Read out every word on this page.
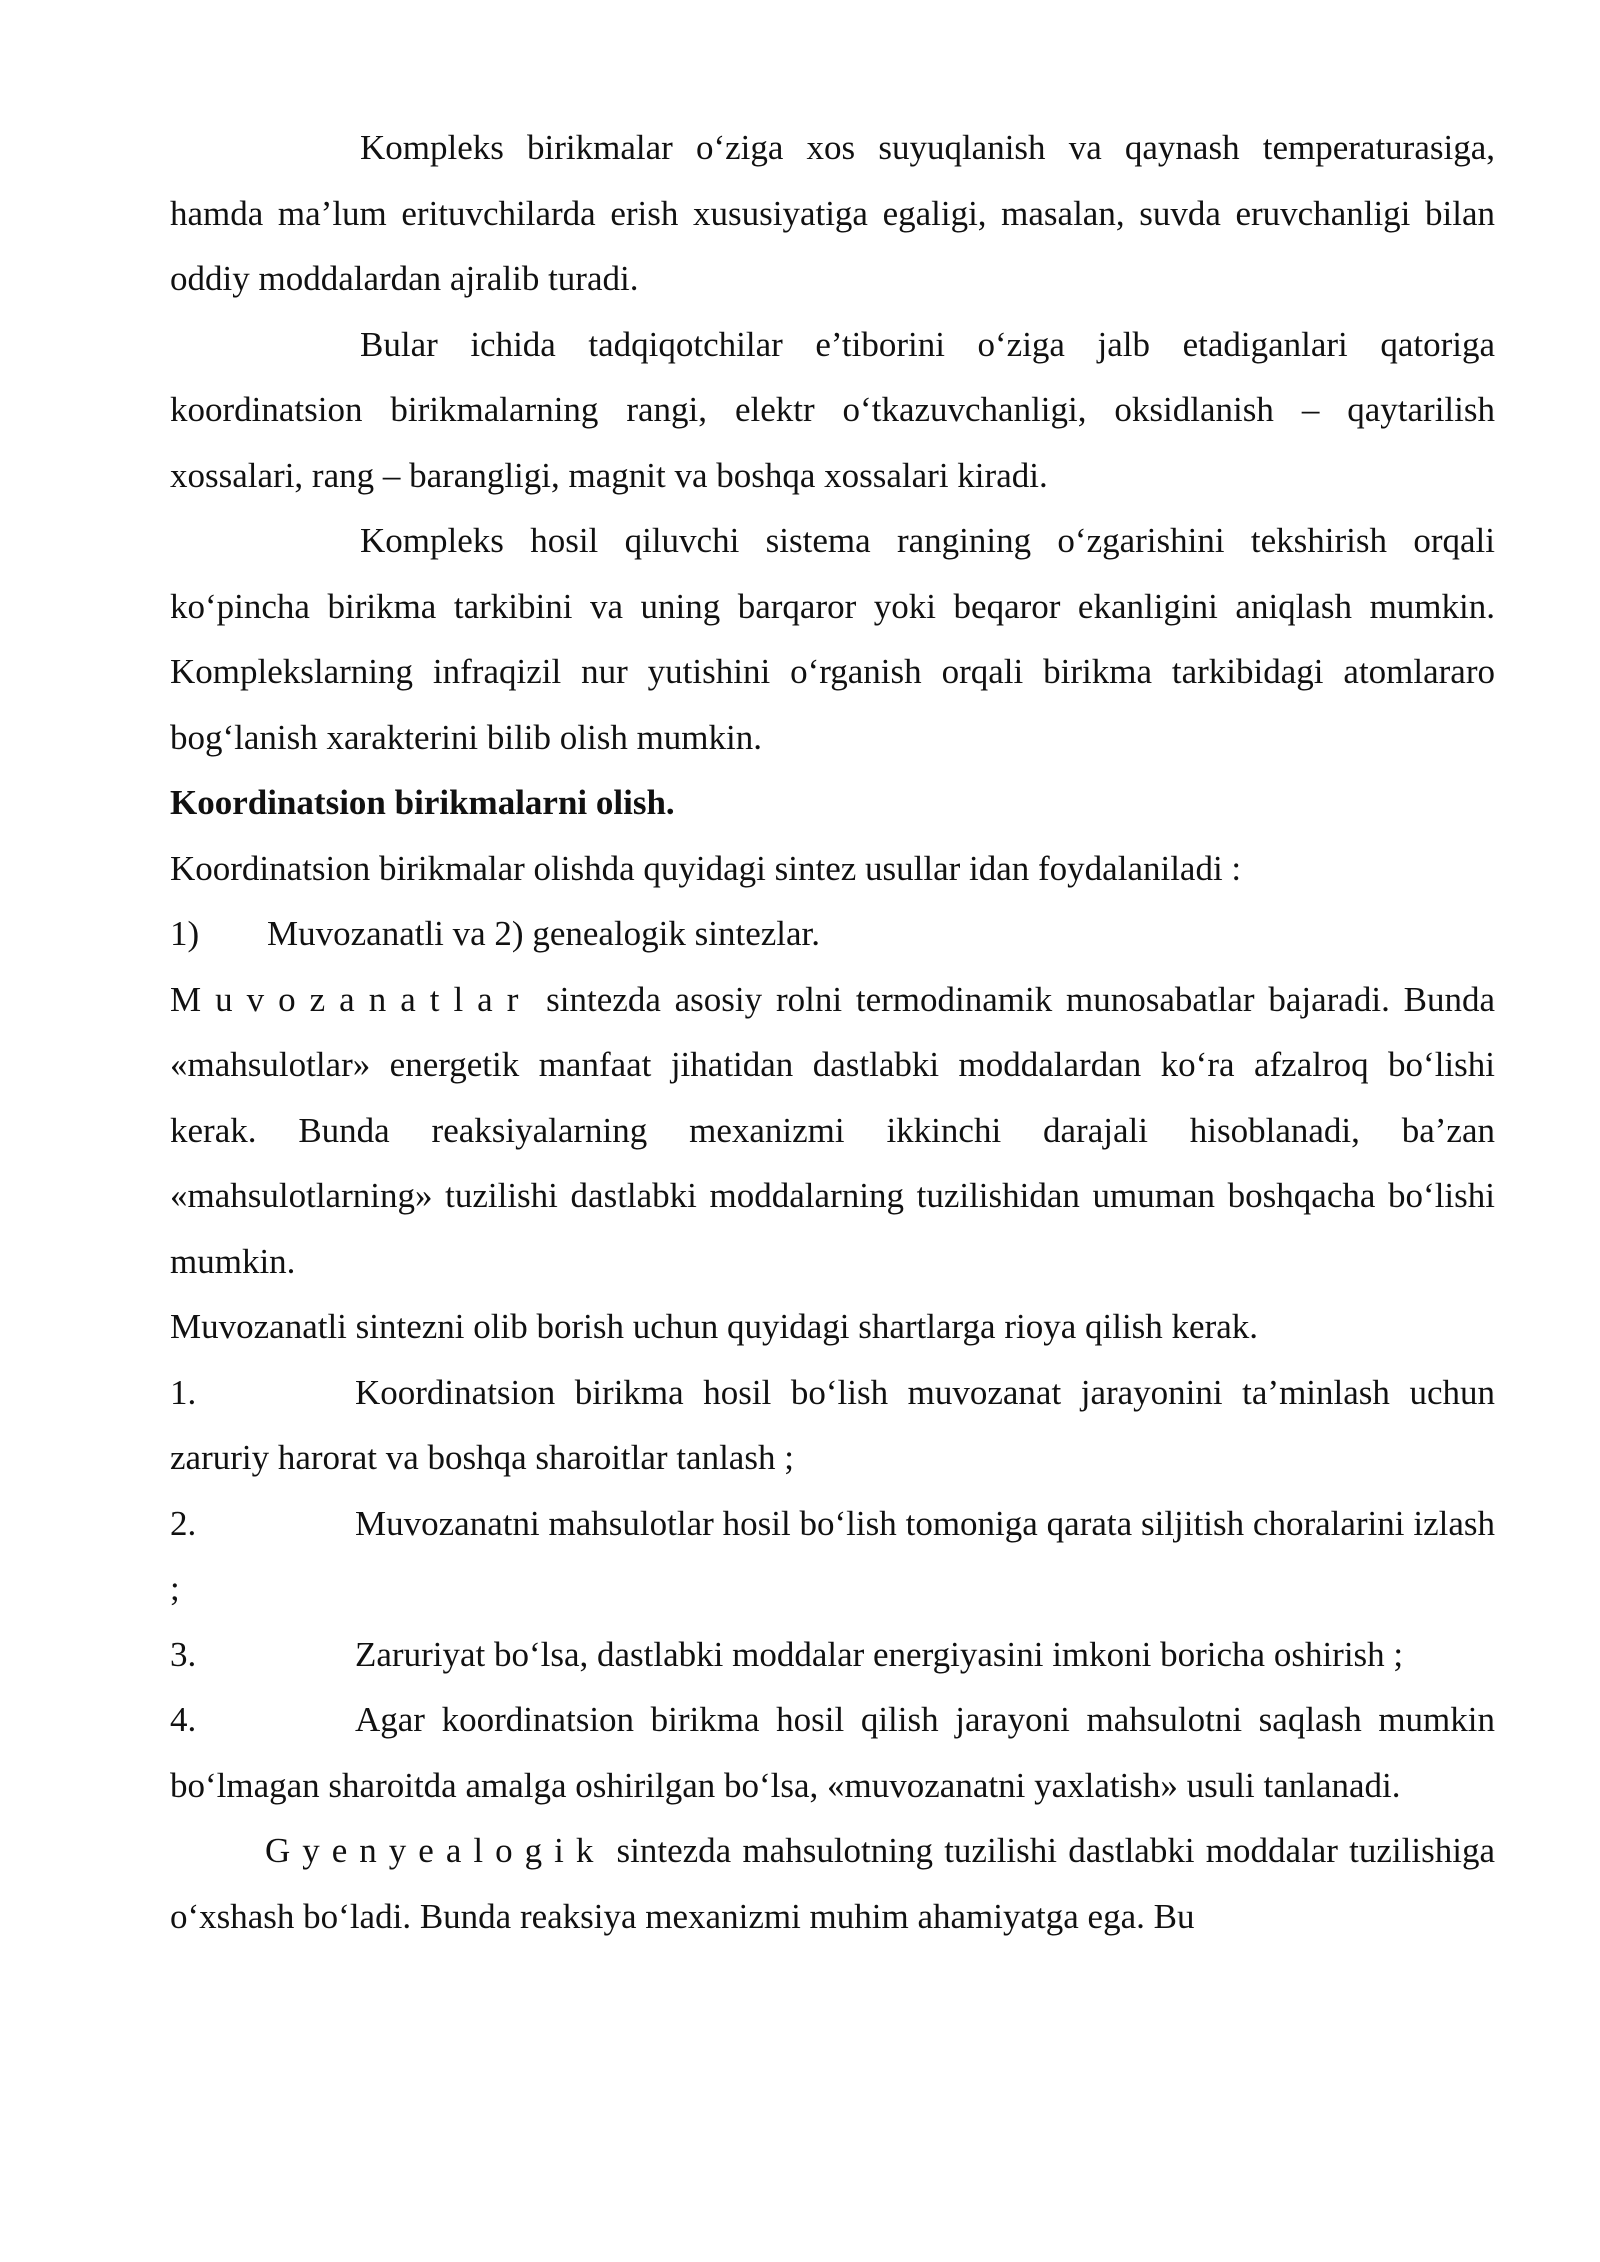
Kompleks birikmalar o‘ziga xos suyuqlanish va qaynash temperaturasiga, hamda ma’lum erituvchilarda erish xususiyatiga egaligi, masalan, suvda eruvchanligi bilan oddiy moddalardan ajralib turadi.

Bular ichida tadqiqotchilar e’tiborini o‘ziga jalb etadiganlari qatoriga koordinatsion birikmalarning rangi, elektr o‘tkazuvchanligi, oksidlanish – qaytarilish xossalari, rang – barangligi, magnit va boshqa xossalari kiradi.

Kompleks hosil qiluvchi sistema rangining o‘zgarishini tekshirish orqali ko‘pincha birikma tarkibini va uning barqaror yoki beqaror ekanligini aniqlash mumkin. Komplekslarning infraqizil nur yutishini o‘rganish orqali birikma tarkibidagi atomlararo bog‘lanish xarakterini bilib olish mumkin.

Koordinatsion birikmalarni olish.

Koordinatsion birikmalar olishda quyidagi sintez usullar idan foydalaniladi :

1) Muvozanatli va 2) genealogik sintezlar.

Muvozanatlar sintezda asosiy rolni termodinamik munosabatlar bajaradi. Bunda «mahsulotlar» energetik manfaat jihatidan dastlabki moddalardan ko‘ra afzalroq bo‘lishi kerak. Bunda reaksiyalarning mexanizmi ikkinchi darajali hisoblanadi, ba’zan «mahsulotlarning» tuzilishi dastlabki moddalarning tuzilishidan umuman boshqacha bo‘lishi mumkin.

Muvozanatli sintezni olib borish uchun quyidagi shartlarga rioya qilish kerak.

1.	Koordinatsion birikma hosil bo‘lish muvozanat jarayonini ta’minlash uchun zaruriy harorat va boshqa sharoitlar tanlash ;

2.	Muvozanatni mahsulotlar hosil bo‘lish tomoniga qarata siljitish choralarini izlash ;

3.	Zaruriyat bo‘lsa, dastlabki moddalar energiyasini imkoni boricha oshirish ;

4.	Agar koordinatsion birikma hosil qilish jarayoni mahsulotni saqlash mumkin bo‘lmagan sharoitda amalga oshirilgan bo‘lsa, «muvozanatni yaxlatish» usuli tanlanadi.

Gyenyealogik sintezda mahsulotning tuzilishi dastlabki moddalar tuzilishiga o‘xshash bo‘ladi. Bunda reaksiya mexanizmi muhim ahamiyatga ega. Bu
